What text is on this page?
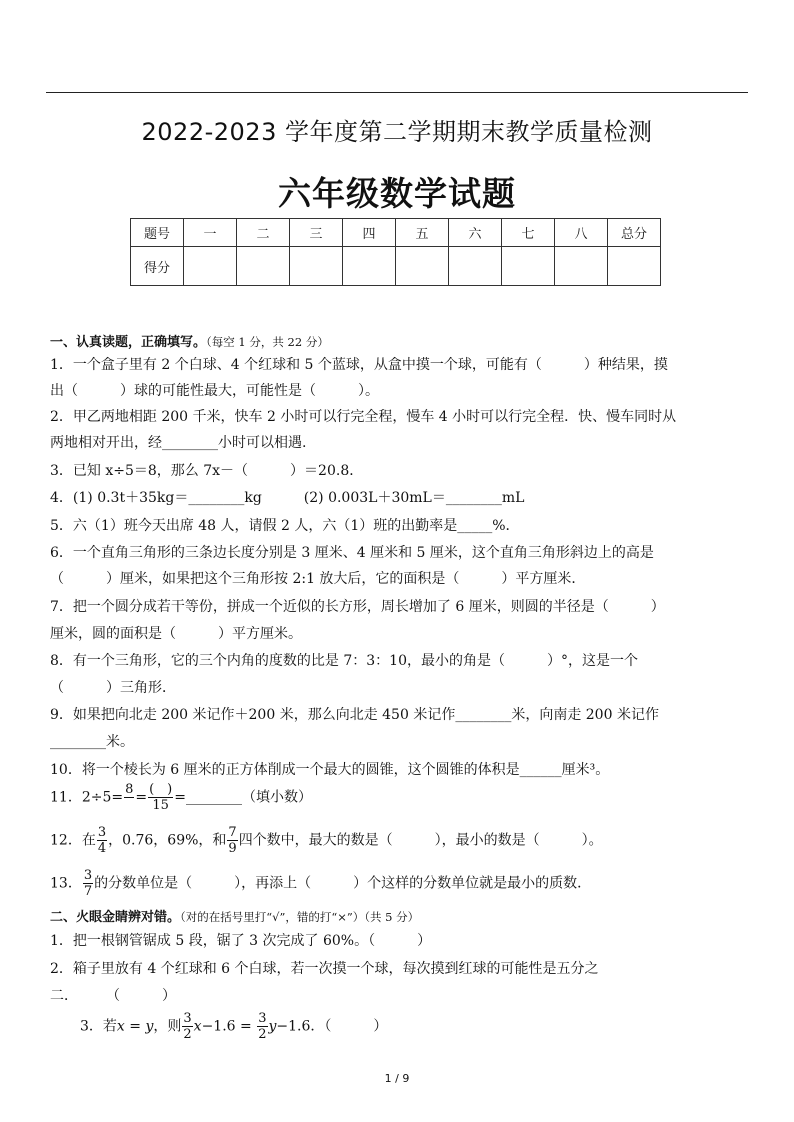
2022-2023 学年度第二学期期末教学质量检测
六年级数学试题
题号	一	二	三	四	五	六	七	八	总分
得分									
一、认真读题，正确填写。（每空 1 分，共 22 分）
1．一个盒子里有 2 个白球、4 个红球和 5 个蓝球，从盒中摸一个球，可能有（　　　）种结果，摸
出（　　　）球的可能性最大，可能性是（　　　）。
2．甲乙两地相距 200 千米，快车 2 小时可以行完全程，慢车 4 小时可以行完全程．快、慢车同时从
两地相对开出，经________小时可以相遇.
3．已知 x÷5＝8，那么 7x－（　　　）＝20.8．
4．(1) 0.3t＋35kg＝________kg　　　(2) 0.003L＋30mL＝________mL
5．六（1）班今天出席 48 人，请假 2 人，六（1）班的出勤率是_____%．
6．一个直角三角形的三条边长度分别是 3 厘米、4 厘米和 5 厘米，这个直角三角形斜边上的高是
（　　　）厘米，如果把这个三角形按 2:1 放大后，它的面积是（　　　）平方厘米．
7．把一个圆分成若干等份，拼成一个近似的长方形，周长增加了 6 厘米，则圆的半径是（　　　）
厘米，圆的面积是（　　　）平方厘米。
8．有一个三角形，它的三个内角的度数的比是 7：3：10，最小的角是（　　　）°，这是一个
（　　　）三角形．
9．如果把向北走 200 米记作＋200 米，那么向北走 450 米记作________米，向南走 200 米记作
________米。
10．将一个棱长为 6 厘米的正方体削成一个最大的圆锥，这个圆锥的体积是______厘米³。
11．2÷5= 8
  = $\frac{( )}{15}$ =________（填小数）
12．在 $\frac{3}{4}$ ，0.76，69%，和 $\frac{7}{9}$ 四个数中，最大的数是（　　　），最小的数是（　　　）。
13． $\frac{3}{7}$ 的分数单位是（　　　），再添上（　　　）个这样的分数单位就是最小的质数．
二、火眼金睛辨对错。（对的在括号里打“√”，错的打“×”）（共 5 分）
1．把一根钢管锯成 5 段，锯了 3 次完成了 60%。（　　　）
2．箱子里放有 4 个红球和 6 个白球，若一次摸一个球，每次摸到红球的可能性是五分之
二．　　　（　　　）
3．若x = y，则 $\frac{3}{2} x-1.6 = \frac{3}{2} y-1.6$．（　　　）
1 / 9
